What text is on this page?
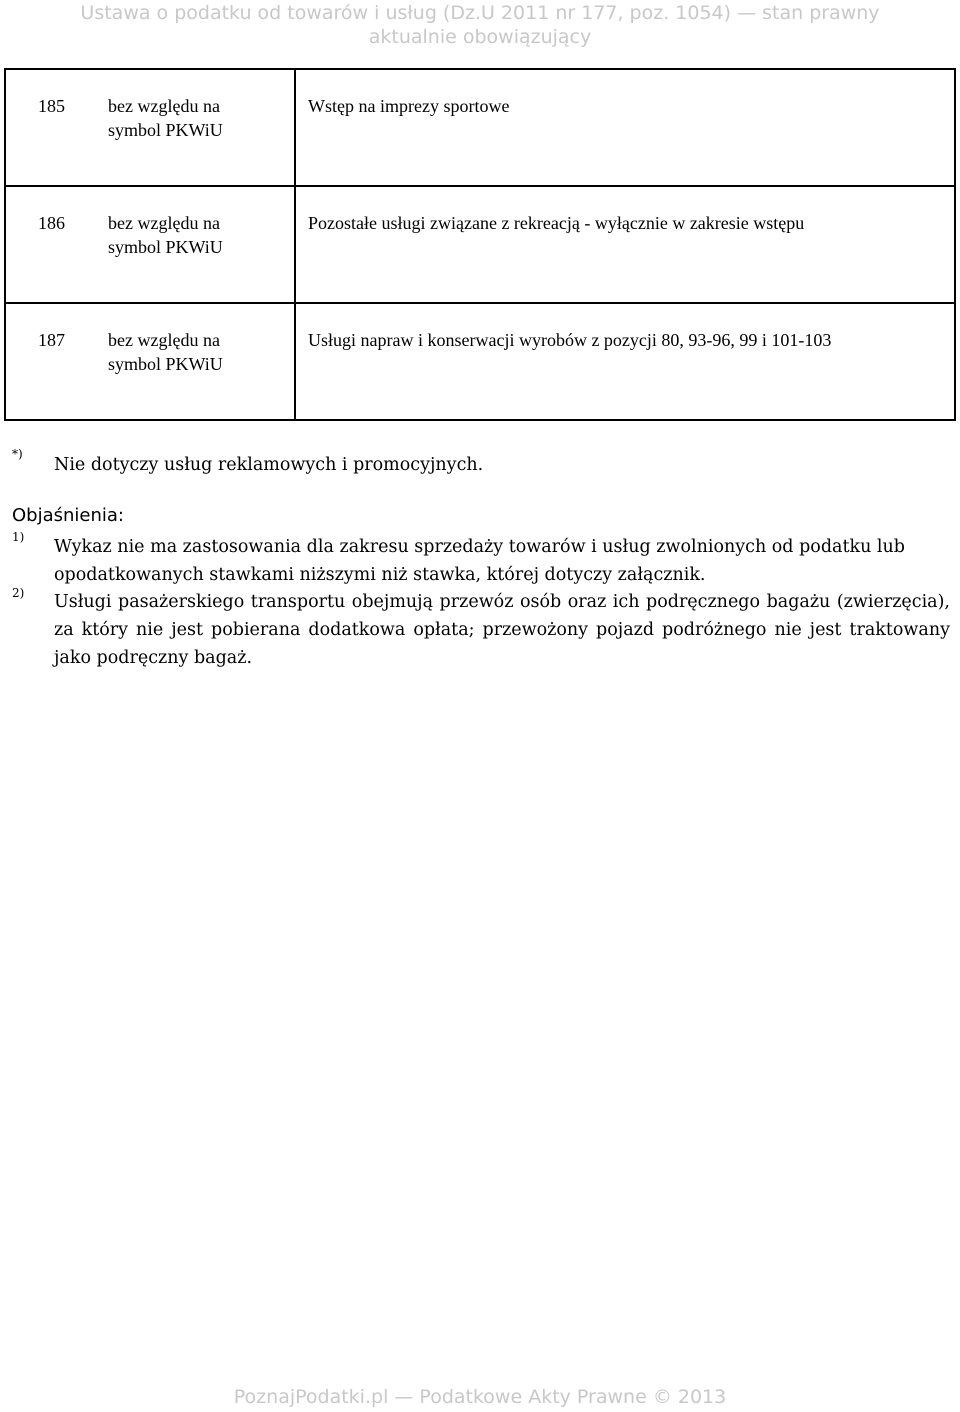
Ustawa o podatku od towarów i usług (Dz.U 2011 nr 177, poz. 1054) — stan prawny
aktualnie obowiązujący
185	bez względu na
symbol PKWiU	Wstęp na imprezy sportowe

186	bez względu na
symbol PKWiU	Pozostałe usługi związane z rekreacją - wyłącznie w zakresie wstępu

187	bez względu na
symbol PKWiU	Usługi napraw i konserwacji wyrobów z pozycji 80, 93-96, 99 i 101-103
*)
Nie dotyczy usług reklamowych i promocyjnych.
Objaśnienia:
1) Wykaz nie ma zastosowania dla zakresu sprzedaży towarów i usług zwolnionych od podatku lub opodatkowanych stawkami niższymi niż stawka, której dotyczy załącznik.
2) Usługi pasażerskiego transportu obejmują przewóz osób oraz ich podręcznego bagażu (zwierzęcia), za który nie jest pobierana dodatkowa opłata; przewożony pojazd podróżnego nie jest traktowany jako podręczny bagaż.
PoznajPodatki.pl — Podatkowe Akty Prawne © 2013
